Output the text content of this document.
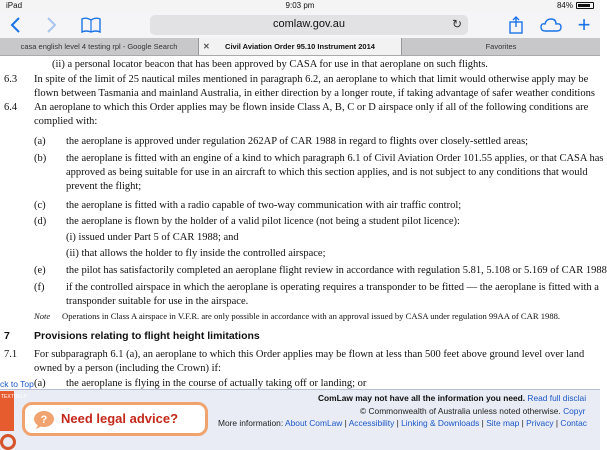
iPad	9:03 pm	84%
comlaw.gov.au	↻	+
casa english level 4 testing rpl - Google Search	✕ Civil Aviation Order 95.10 Instrument 2014	Favorites
(ii) a personal locator beacon that has been approved by CASA for use in that aeroplane on such flights.
6.3 In spite of the limit of 25 nautical miles mentioned in paragraph 6.2, an aeroplane to which that limit would otherwise apply may be
flown between Tasmania and mainland Australia, in either direction by a longer route, if taking advantage of safer weather conditions
6.4 An aeroplane to which this Order applies may be flown inside Class A, B, C or D airspace only if all of the following conditions are
complied with:
(a) the aeroplane is approved under regulation 262AP of CAR 1988 in regard to flights over closely-settled areas;
(b) the aeroplane is fitted with an engine of a kind to which paragraph 6.1 of Civil Aviation Order 101.55 applies, or that CASA has
approved as being suitable for use in an aircraft to which this section applies, and is not subject to any conditions that would
prevent the flight;
(c) the aeroplane is fitted with a radio capable of two-way communication with air traffic control;
(d) the aeroplane is flown by the holder of a valid pilot licence (not being a student pilot licence):
(i) issued under Part 5 of CAR 1988; and
(ii) that allows the holder to fly inside the controlled airspace;
(e) the pilot has satisfactorily completed an aeroplane flight review in accordance with regulation 5.81, 5.108 or 5.169 of CAR 1988
(f) if the controlled airspace in which the aeroplane is operating requires a transponder to be fitted — the aeroplane is fitted with a
transponder suitable for use in the airspace.
Note Operations in Class A airspace in V.F.R. are only possible in accordance with an approval issued by CASA under regulation 99AA of CAR 1988.
7 Provisions relating to flight height limitations
7.1 For subparagraph 6.1 (a), an aeroplane to which this Order applies may be flown at less than 500 feet above ground level over land
owned by a person (including the Crown) if:
(a) the aeroplane is flying in the course of actually taking off or landing; or
ck to Top
TEXTHELP
? Need legal advice?
ComLaw may not have all the information you need. Read full disclai
© Commonwealth of Australia unless noted otherwise. Copyr
More information: About ComLaw | Accessibility | Linking & Downloads | Site map | Privacy | Contac
